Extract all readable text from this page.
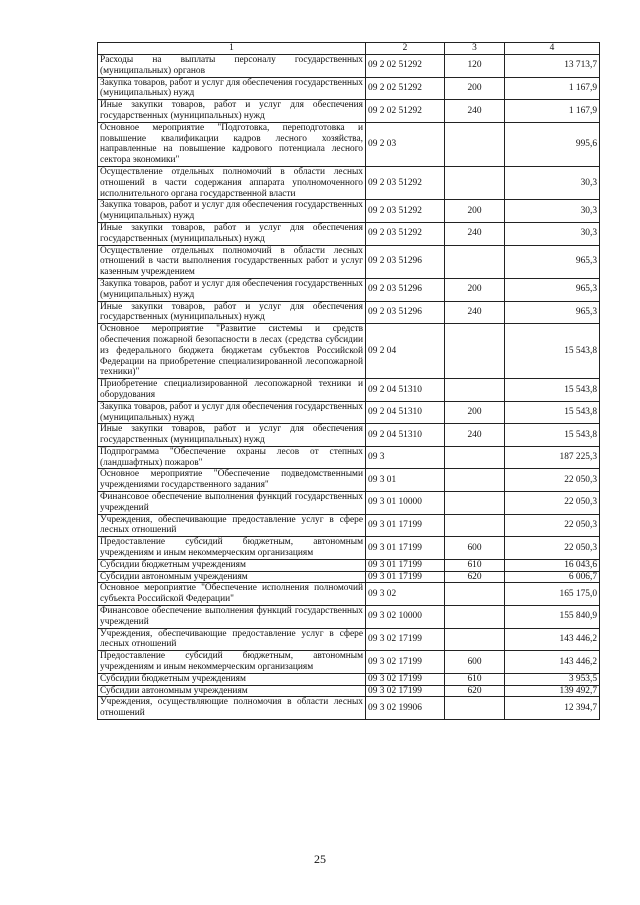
1	2	3	4
Расходы на выплаты персоналу государственных (муниципальных) органов	09 2 02 51292	120	13 713,7
Закупка товаров, работ и услуг для обеспечения государственных (муниципальных) нужд	09 2 02 51292	200	1 167,9
Иные закупки товаров, работ и услуг для обеспечения государственных (муниципальных) нужд	09 2 02 51292	240	1 167,9
Основное мероприятие "Подготовка, переподготовка и повышение квалификации кадров лесного хозяйства, направленные на повышение кадрового потенциала лесного сектора экономики"	09 2 03		995,6
Осуществление отдельных полномочий в области лесных отношений в части содержания аппарата уполномоченного исполнительного органа государственной власти	09 2 03 51292		30,3
Закупка товаров, работ и услуг для обеспечения государственных (муниципальных) нужд	09 2 03 51292	200	30,3
Иные закупки товаров, работ и услуг для обеспечения государственных (муниципальных) нужд	09 2 03 51292	240	30,3
Осуществление отдельных полномочий в области лесных отношений в части выполнения государственных работ и услуг казенным учреждением	09 2 03 51296		965,3
Закупка товаров, работ и услуг для обеспечения государственных (муниципальных) нужд	09 2 03 51296	200	965,3
Иные закупки товаров, работ и услуг для обеспечения государственных (муниципальных) нужд	09 2 03 51296	240	965,3
Основное мероприятие "Развитие системы и средств обеспечения пожарной безопасности в лесах (средства субсидии из федерального бюджета бюджетам субъектов Российской Федерации на приобретение специализированной лесопожарной техники)"	09 2 04		15 543,8
Приобретение специализированной лесопожарной техники и оборудования	09 2 04 51310		15 543,8
Закупка товаров, работ и услуг для обеспечения государственных (муниципальных) нужд	09 2 04 51310	200	15 543,8
Иные закупки товаров, работ и услуг для обеспечения государственных (муниципальных) нужд	09 2 04 51310	240	15 543,8
Подпрограмма "Обеспечение охраны лесов от степных (ландшафтных) пожаров"	09 3		187 225,3
Основное мероприятие "Обеспечение подведомственными учреждениями государственного задания"	09 3 01		22 050,3
Финансовое обеспечение выполнения функций государственных учреждений	09 3 01 10000		22 050,3
Учреждения, обеспечивающие предоставление услуг в сфере лесных отношений	09 3 01 17199		22 050,3
Предоставление субсидий бюджетным, автономным учреждениям и иным некоммерческим организациям	09 3 01 17199	600	22 050,3
Субсидии бюджетным учреждениям	09 3 01 17199	610	16 043,6
Субсидии автономным учреждениям	09 3 01 17199	620	6 006,7
Основное мероприятие "Обеспечение исполнения полномочий субъекта Российской Федерации"	09 3 02		165 175,0
Финансовое обеспечение выполнения функций государственных учреждений	09 3 02 10000		155 840,9
Учреждения, обеспечивающие предоставление услуг в сфере лесных отношений	09 3 02 17199		143 446,2
Предоставление субсидий бюджетным, автономным учреждениям и иным некоммерческим организациям	09 3 02 17199	600	143 446,2
Субсидии бюджетным учреждениям	09 3 02 17199	610	3 953,5
Субсидии автономным учреждениям	09 3 02 17199	620	139 492,7
Учреждения, осуществляющие полномочия в области лесных отношений	09 3 02 19906		12 394,7
25
